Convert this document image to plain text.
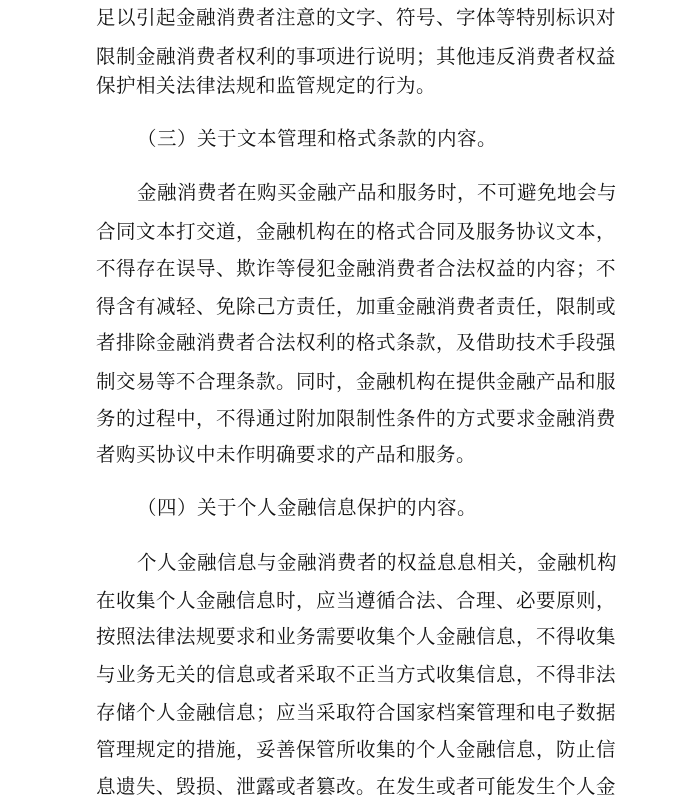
足以引起金融消费者注意的文字、符号、字体等特别标识对
限制金融消费者权利的事项进行说明；其他违反消费者权益
保护相关法律法规和监管规定的行为。
（三）关于文本管理和格式条款的内容。
金融消费者在购买金融产品和服务时，不可避免地会与
合同文本打交道，金融机构在的格式合同及服务协议文本，
不得存在误导、欺诈等侵犯金融消费者合法权益的内容；不
得含有减轻、免除己方责任，加重金融消费者责任，限制或
者排除金融消费者合法权利的格式条款，及借助技术手段强
制交易等不合理条款。同时，金融机构在提供金融产品和服
务的过程中，不得通过附加限制性条件的方式要求金融消费
者购买协议中未作明确要求的产品和服务。
（四）关于个人金融信息保护的内容。
个人金融信息与金融消费者的权益息息相关，金融机构
在收集个人金融信息时，应当遵循合法、合理、必要原则，
按照法律法规要求和业务需要收集个人金融信息，不得收集
与业务无关的信息或者采取不正当方式收集信息，不得非法
存储个人金融信息；应当采取符合国家档案管理和电子数据
管理规定的措施，妥善保管所收集的个人金融信息，防止信
息遗失、毁损、泄露或者篡改。在发生或者可能发生个人金
